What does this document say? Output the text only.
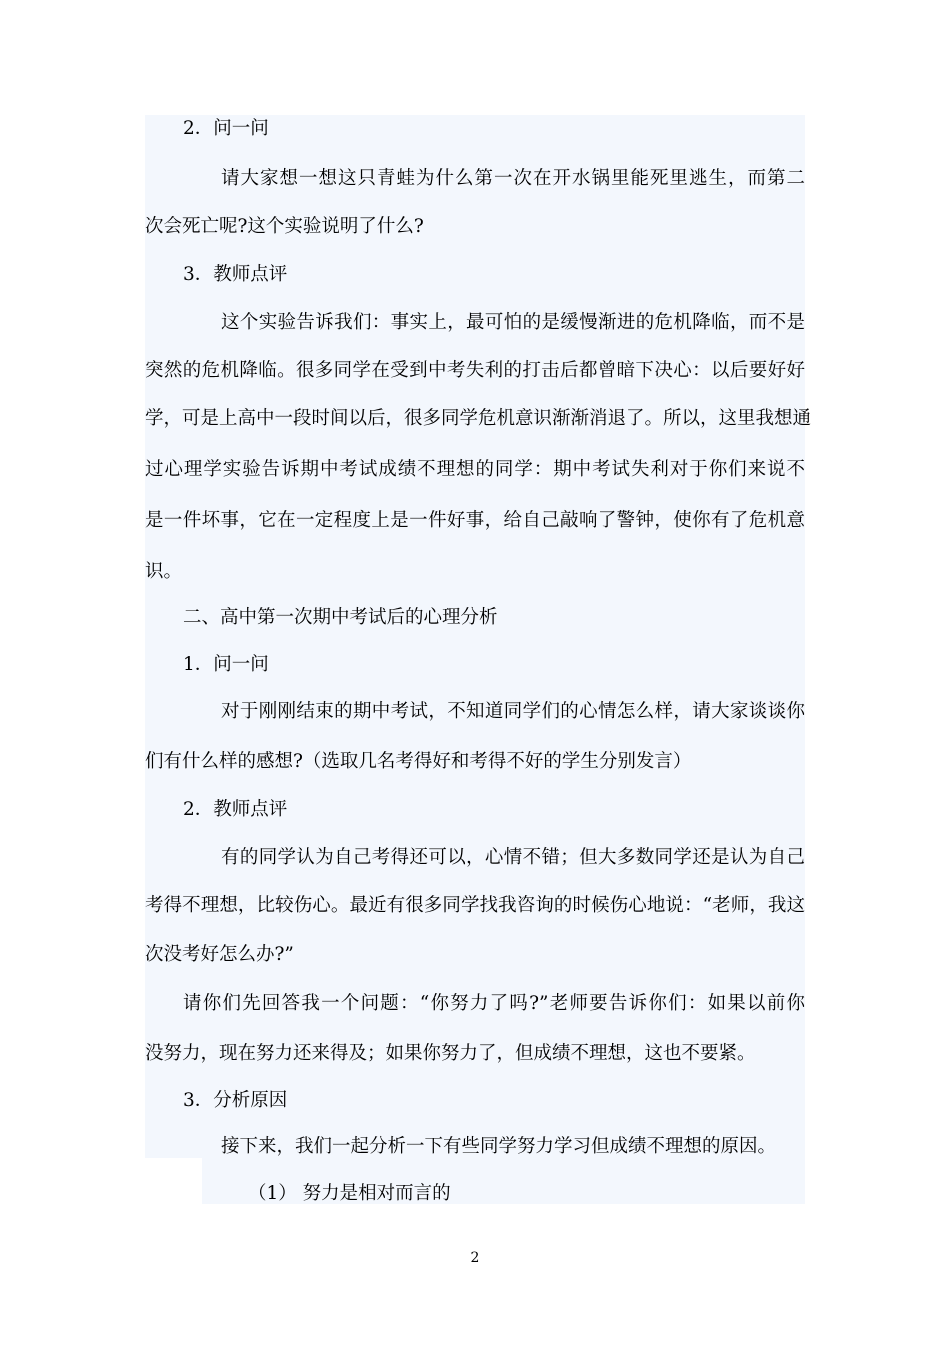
2．问一问
请大家想一想这只青蛙为什么第一次在开水锅里能死里逃生，而第二
次会死亡呢?这个实验说明了什么?
3．教师点评
这个实验告诉我们：事实上，最可怕的是缓慢渐进的危机降临，而不是
突然的危机降临。很多同学在受到中考失利的打击后都曾暗下决心：以后要好好
学，可是上高中一段时间以后，很多同学危机意识渐渐消退了。所以，这里我想通
过心理学实验告诉期中考试成绩不理想的同学：期中考试失利对于你们来说不
是一件坏事，它在一定程度上是一件好事，给自己敲响了警钟，使你有了危机意
识。
二、高中第一次期中考试后的心理分析
1．问一问
对于刚刚结束的期中考试，不知道同学们的心情怎么样，请大家谈谈你
们有什么样的感想?（选取几名考得好和考得不好的学生分别发言）
2．教师点评
有的同学认为自己考得还可以，心情不错；但大多数同学还是认为自己
考得不理想，比较伤心。最近有很多同学找我咨询的时候伤心地说：“老师，我这
次没考好怎么办?”
请你们先回答我一个问题：“你努力了吗?”老师要告诉你们：如果以前你
没努力，现在努力还来得及；如果你努力了，但成绩不理想，这也不要紧。
3．分析原因
接下来，我们一起分析一下有些同学努力学习但成绩不理想的原因。
（1） 努力是相对而言的
2
